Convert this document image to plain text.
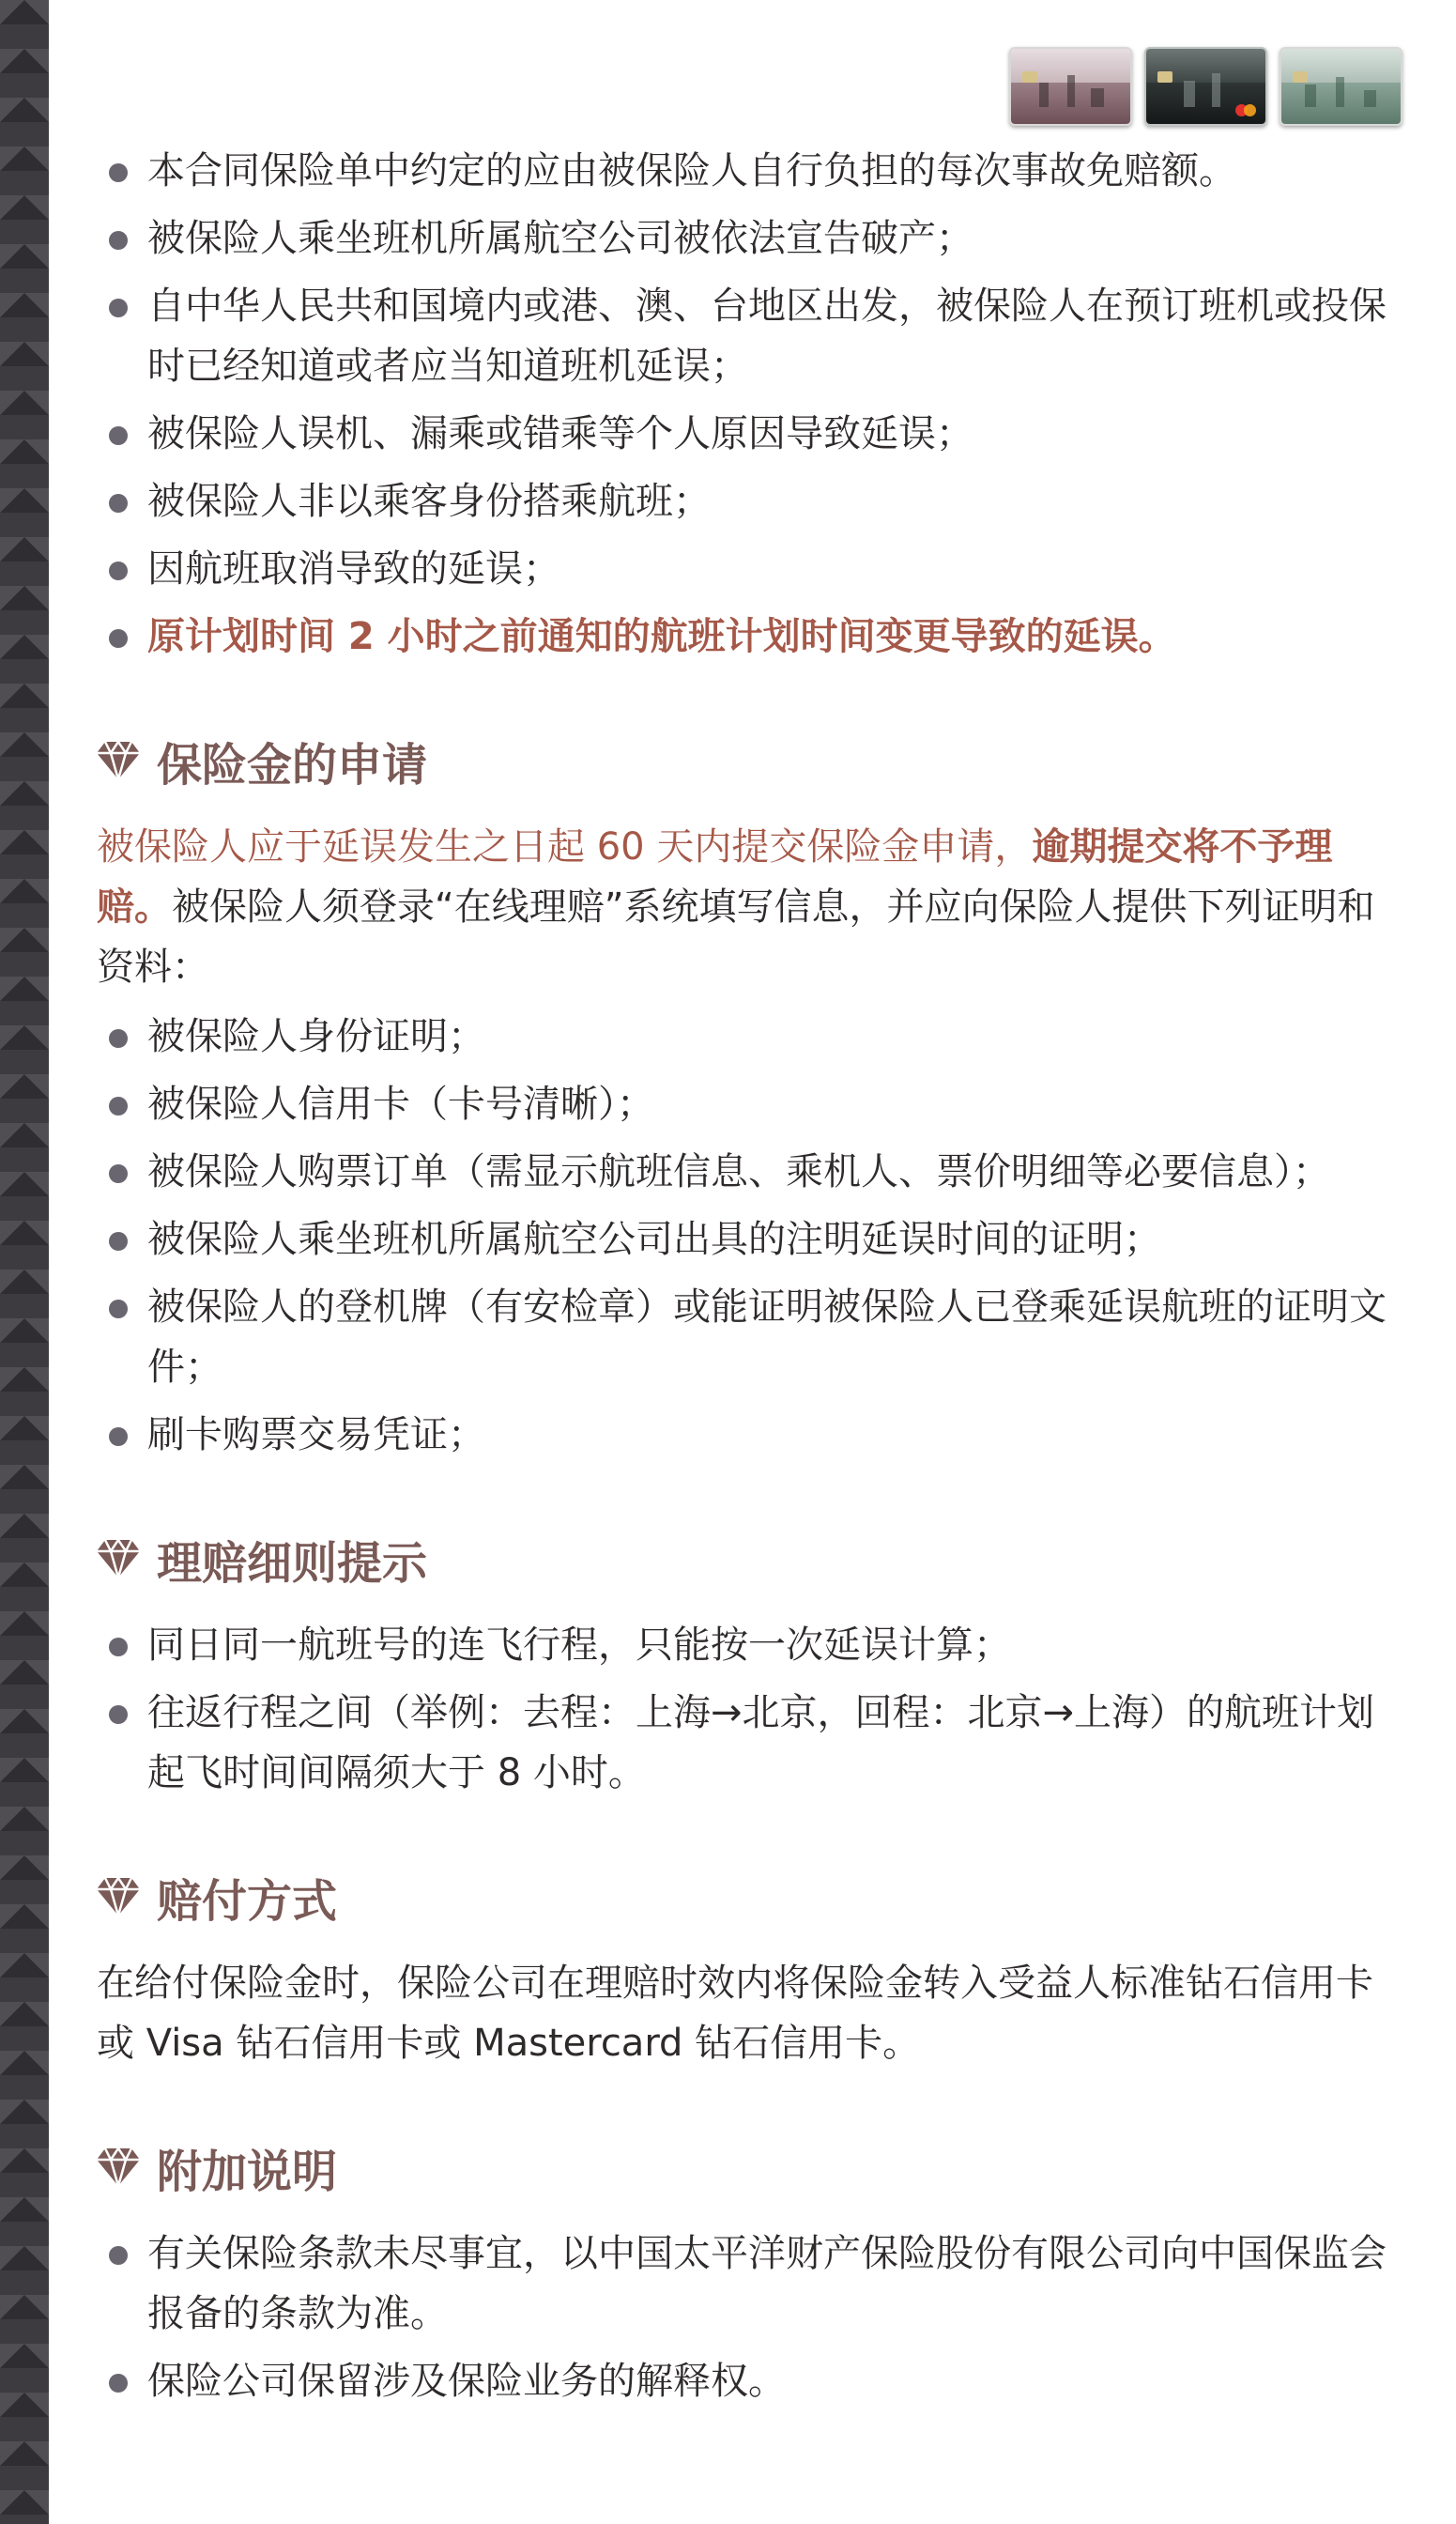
本合同保险单中约定的应由被保险人自行负担的每次事故免赔额。
被保险人乘坐班机所属航空公司被依法宣告破产；
自中华人民共和国境内或港、澳、台地区出发，被保险人在预订班机或投保时已经知道或者应当知道班机延误；
被保险人误机、漏乘或错乘等个人原因导致延误；
被保险人非以乘客身份搭乘航班；
因航班取消导致的延误；
原计划时间 2 小时之前通知的航班计划时间变更导致的延误。
保险金的申请

被保险人应于延误发生之日起 60 天内提交保险金申请，逾期提交将不予理赔。被保险人须登录“在线理赔”系统填写信息，并应向保险人提供下列证明和资料：

被保险人身份证明；
被保险人信用卡（卡号清晰）；
被保险人购票订单（需显示航班信息、乘机人、票价明细等必要信息）；
被保险人乘坐班机所属航空公司出具的注明延误时间的证明；
被保险人的登机牌（有安检章）或能证明被保险人已登乘延误航班的证明文件；
刷卡购票交易凭证；
理赔细则提示
同日同一航班号的连飞行程，只能按一次延误计算；
往返行程之间（举例：去程：上海→北京，回程：北京→上海）的航班计划起飞时间间隔须大于 8 小时。
赔付方式

在给付保险金时，保险公司在理赔时效内将保险金转入受益人标准钻石信用卡或 Visa 钻石信用卡或 Mastercard 钻石信用卡。

附加说明
有关保险条款未尽事宜，以中国太平洋财产保险股份有限公司向中国保监会报备的条款为准。
保险公司保留涉及保险业务的解释权。
